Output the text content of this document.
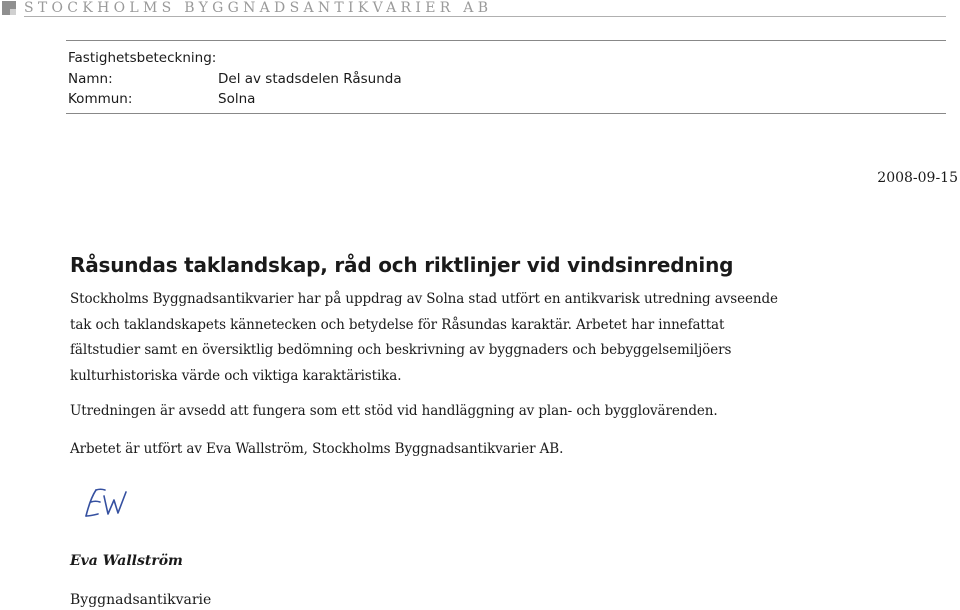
STOCKHOLMS BYGGNADSANTIKVARIER AB
Fastighetsbeteckning:
Namn:	Del av stadsdelen Råsunda
Kommun:	Solna
2008-09-15
Råsundas taklandskap, råd och riktlinjer vid vindsinredning

Stockholms Byggnadsantikvarier har på uppdrag av Solna stad utfört en antikvarisk utredning avseende tak och taklandskapets kännetecken och betydelse för Råsundas karaktär. Arbetet har innefattat fältstudier samt en översiktlig bedömning och beskrivning av byggnaders och bebyggelsemiljöers kulturhistoriska värde och viktiga karaktäristika.

Utredningen är avsedd att fungera som ett stöd vid handläggning av plan- och bygglovärenden.

Arbetet är utfört av Eva Wallström, Stockholms Byggnadsantikvarier AB.

Eva Wallström
Byggnadsantikvarie
